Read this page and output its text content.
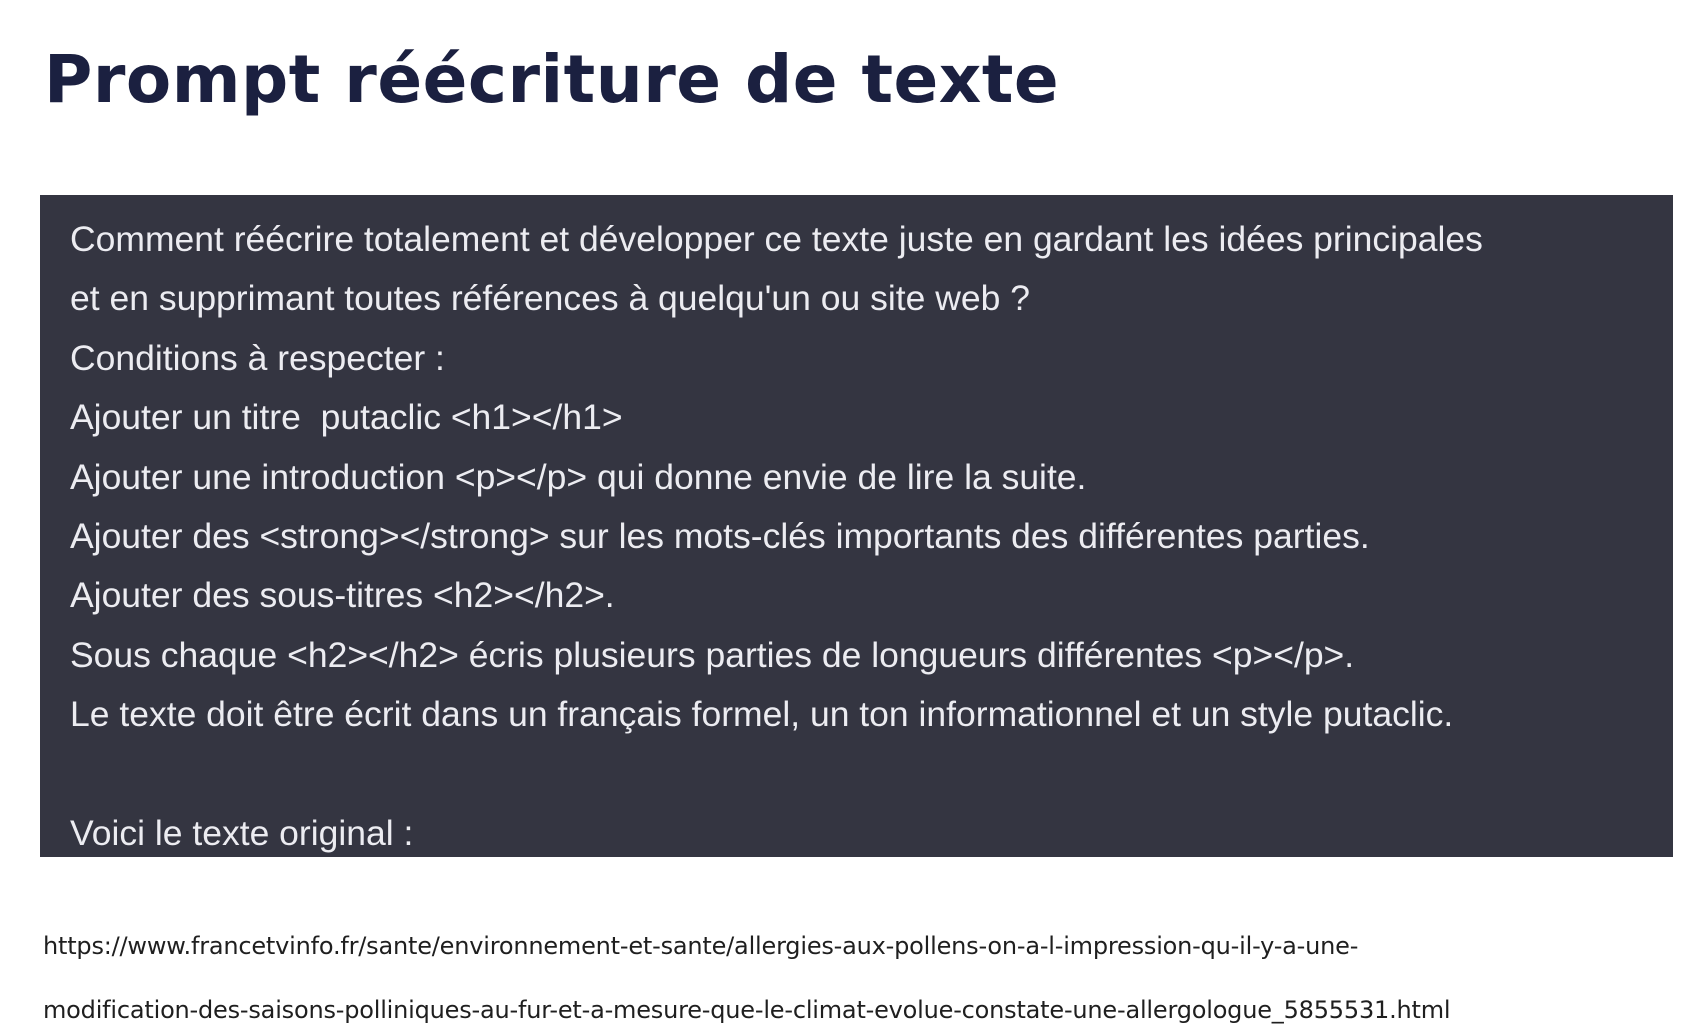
Prompt réécriture de texte

Comment réécrire totalement et développer ce texte juste en gardant les idées principales

et en supprimant toutes références à quelqu'un ou site web ?

Conditions à respecter :

Ajouter un titre  putaclic <h1></h1>

Ajouter une introduction <p></p> qui donne envie de lire la suite.

Ajouter des <strong></strong> sur les mots-clés importants des différentes parties.

Ajouter des sous-titres <h2></h2>.

Sous chaque <h2></h2> écris plusieurs parties de longueurs différentes <p></p>.

Le texte doit être écrit dans un français formel, un ton informationnel et un style putaclic.

Voici le texte original :

https://www.francetvinfo.fr/sante/environnement-et-sante/allergies-aux-pollens-on-a-l-impression-qu-il-y-a-une-

modification-des-saisons-polliniques-au-fur-et-a-mesure-que-le-climat-evolue-constate-une-allergologue_5855531.html
